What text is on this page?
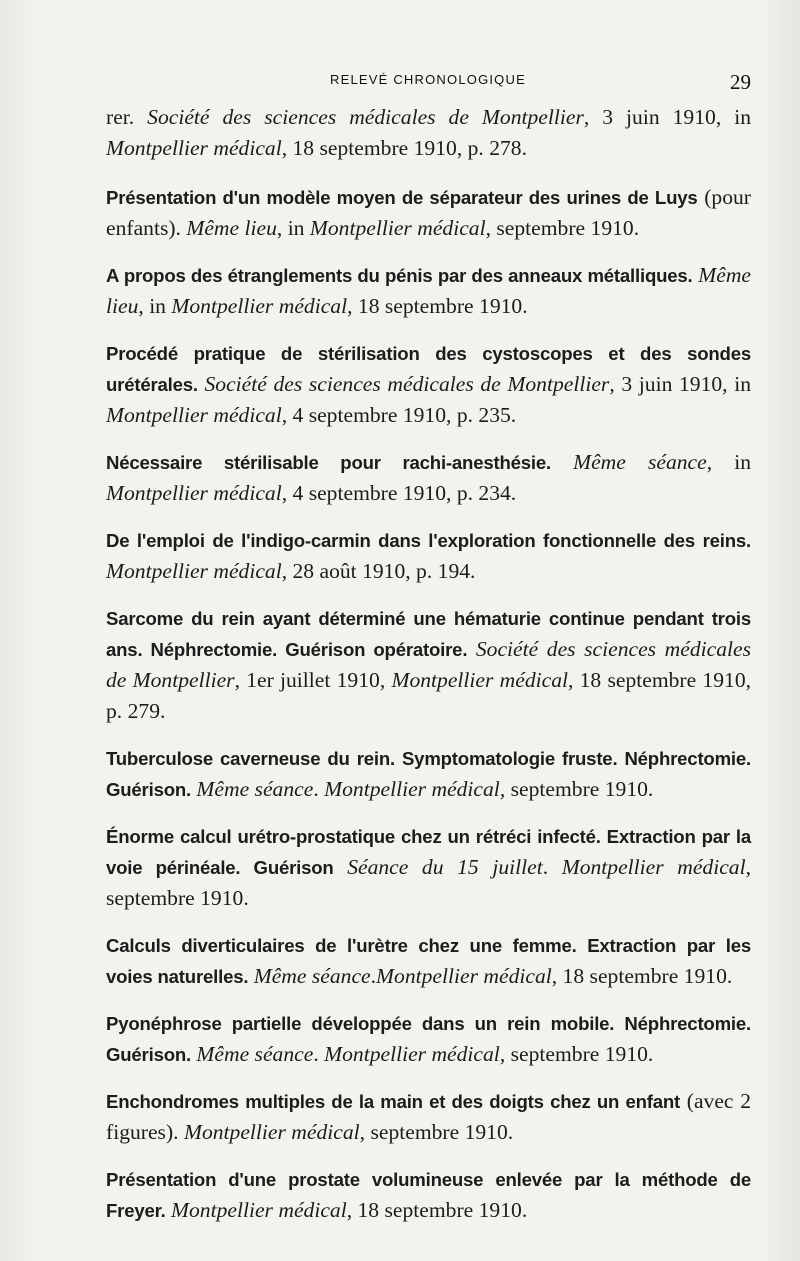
RELEVÉ CHRONOLOGIQUE	29

rer. Société des sciences médicales de Montpellier, 3 juin 1910, in Montpellier médical, 18 septembre 1910, p. 278.

Présentation d'un modèle moyen de séparateur des urines de Luys (pour enfants). Même lieu, in Montpellier médical, septembre 1910.

A propos des étranglements du pénis par des anneaux métalliques. Même lieu, in Montpellier médical, 18 septembre 1910.

Procédé pratique de stérilisation des cystoscopes et des sondes urétérales. Société des sciences médicales de Montpellier, 3 juin 1910, in Montpellier médical, 4 septembre 1910, p. 235.

Nécessaire stérilisable pour rachi-anesthésie. Même séance, in Montpellier médical, 4 septembre 1910, p. 234.

De l'emploi de l'indigo-carmin dans l'exploration fonctionnelle des reins. Montpellier médical, 28 août 1910, p. 194.

Sarcome du rein ayant déterminé une hématurie continue pendant trois ans. Néphrectomie. Guérison opératoire. Société des sciences médicales de Montpellier, 1er juillet 1910, Montpellier médical, 18 septembre 1910, p. 279.

Tuberculose caverneuse du rein. Symptomatologie fruste. Néphrectomie. Guérison. Même séance. Montpellier médical, septembre 1910.

Énorme calcul urétro-prostatique chez un rétréci infecté. Extraction par la voie périnéale. Guérison Séance du 15 juillet. Montpellier médical, septembre 1910.

Calculs diverticulaires de l'urètre chez une femme. Extraction par les voies naturelles. Même séance.Montpellier médical, 18 septembre 1910.

Pyonéphrose partielle développée dans un rein mobile. Néphrectomie. Guérison. Même séance. Montpellier médical, septembre 1910.

Enchondromes multiples de la main et des doigts chez un enfant (avec 2 figures). Montpellier médical, septembre 1910.

Présentation d'une prostate volumineuse enlevée par la méthode de Freyer. Montpellier médical, 18 septembre 1910.
